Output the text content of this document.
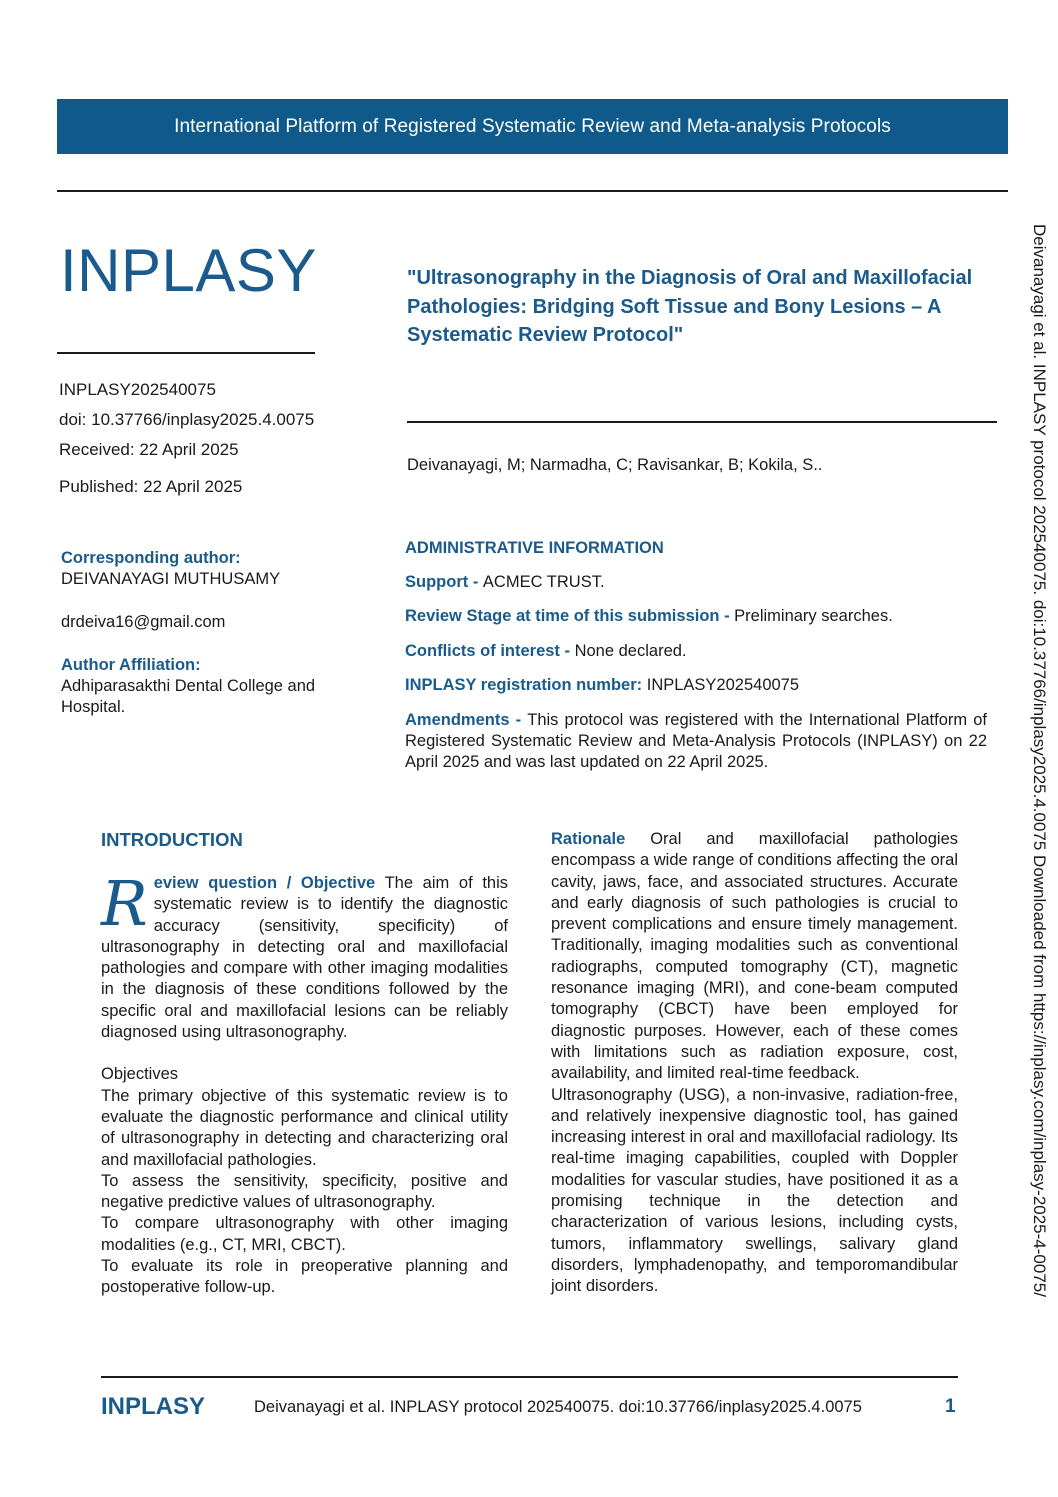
International Platform of Registered Systematic Review and Meta-analysis Protocols
INPLASY
INPLASY202540075
doi: 10.37766/inplasy2025.4.0075
Received: 22 April 2025
Published: 22 April 2025
"Ultrasonography in the Diagnosis of Oral and Maxillofacial Pathologies: Bridging Soft Tissue and Bony Lesions – A Systematic Review Protocol"
Deivanayagi, M; Narmadha, C; Ravisankar, B; Kokila, S..
Corresponding author:
DEIVANAYAGI MUTHUSAMY
drdeiva16@gmail.com
Author Affiliation:
Adhiparasakthi Dental College and Hospital.
ADMINISTRATIVE INFORMATION
Support - ACMEC TRUST.
Review Stage at time of this submission - Preliminary searches.
Conflicts of interest - None declared.
INPLASY registration number: INPLASY202540075
Amendments - This protocol was registered with the International Platform of Registered Systematic Review and Meta-Analysis Protocols (INPLASY) on 22 April 2025 and was last updated on 22 April 2025.
INTRODUCTION

Review question / Objective The aim of this systematic review is to identify the diagnostic accuracy (sensitivity, specificity) of ultrasonography in detecting oral and maxillofacial pathologies and compare with other imaging modalities in the diagnosis of these conditions followed by the specific oral and maxillofacial lesions can be reliably diagnosed using ultrasonography.

Objectives

The primary objective of this systematic review is to evaluate the diagnostic performance and clinical utility of ultrasonography in detecting and characterizing oral and maxillofacial pathologies.

To assess the sensitivity, specificity, positive and negative predictive values of ultrasonography.

To compare ultrasonography with other imaging modalities (e.g., CT, MRI, CBCT).

To evaluate its role in preoperative planning and postoperative follow-up.

Rationale Oral and maxillofacial pathologies encompass a wide range of conditions affecting the oral cavity, jaws, face, and associated structures. Accurate and early diagnosis of such pathologies is crucial to prevent complications and ensure timely management. Traditionally, imaging modalities such as conventional radiographs, computed tomography (CT), magnetic resonance imaging (MRI), and cone-beam computed tomography (CBCT) have been employed for diagnostic purposes. However, each of these comes with limitations such as radiation exposure, cost, availability, and limited real-time feedback.

Ultrasonography (USG), a non-invasive, radiation-free, and relatively inexpensive diagnostic tool, has gained increasing interest in oral and maxillofacial radiology. Its real-time imaging capabilities, coupled with Doppler modalities for vascular studies, have positioned it as a promising technique in the detection and characterization of various lesions, including cysts, tumors, inflammatory swellings, salivary gland disorders, lymphadenopathy, and temporomandibular joint disorders.

INPLASY	Deivanayagi et al. INPLASY protocol 202540075. doi:10.37766/inplasy2025.4.0075	1
Deivanayagi et al. INPLASY protocol 202540075. doi:10.37766/inplasy2025.4.0075 Downloaded from https://inplasy.com/inplasy-2025-4-0075/
